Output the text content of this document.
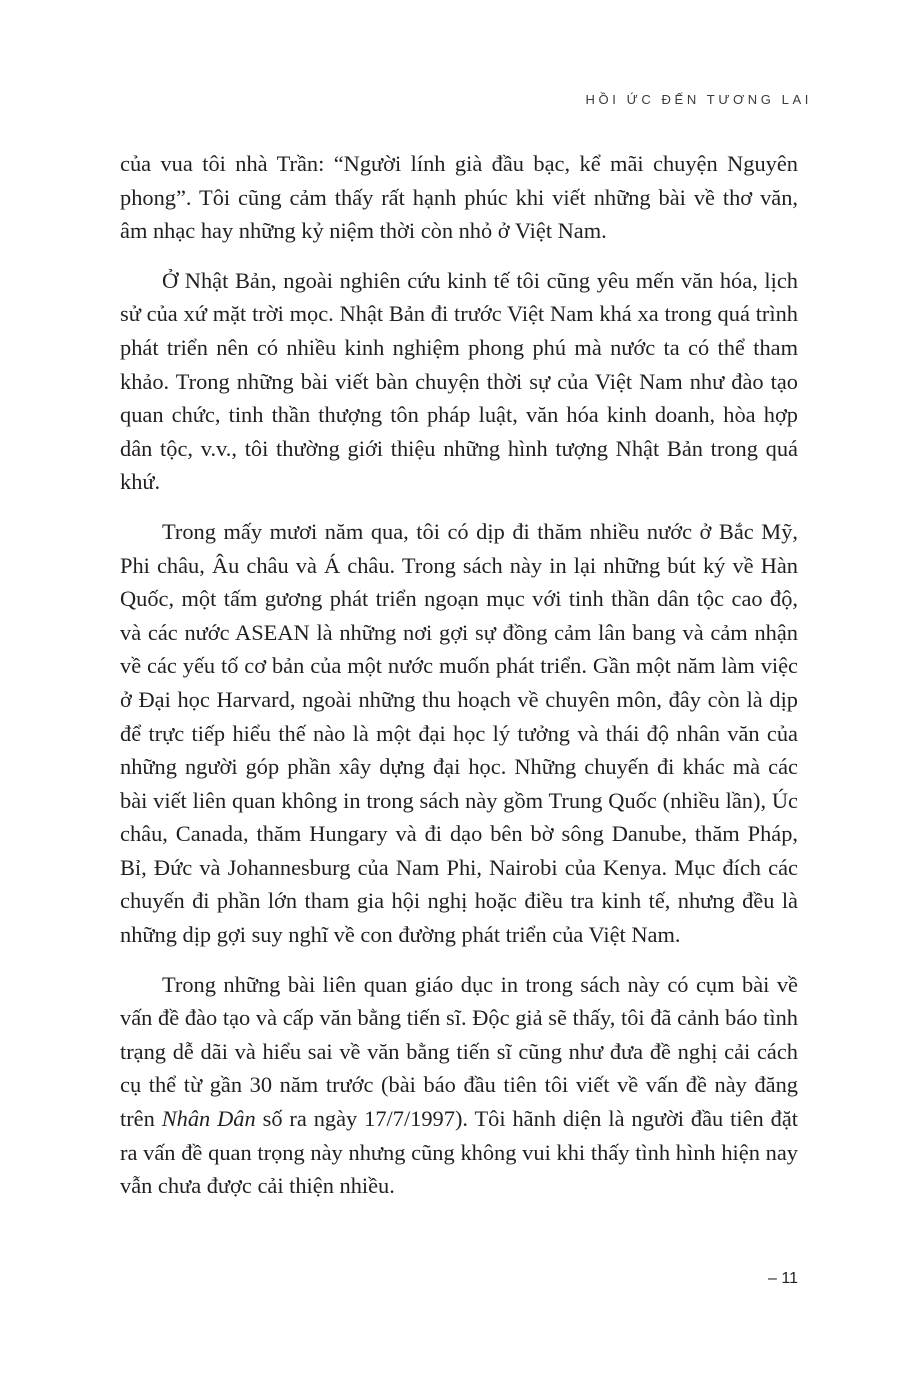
HỒI ỨC ĐẾN TƯƠNG LAI

của vua tôi nhà Trần: “Người lính già đầu bạc, kể mãi chuyện Nguyên phong”. Tôi cũng cảm thấy rất hạnh phúc khi viết những bài về thơ văn, âm nhạc hay những kỷ niệm thời còn nhỏ ở Việt Nam.

Ở Nhật Bản, ngoài nghiên cứu kinh tế tôi cũng yêu mến văn hóa, lịch sử của xứ mặt trời mọc. Nhật Bản đi trước Việt Nam khá xa trong quá trình phát triển nên có nhiều kinh nghiệm phong phú mà nước ta có thể tham khảo. Trong những bài viết bàn chuyện thời sự của Việt Nam như đào tạo quan chức, tinh thần thượng tôn pháp luật, văn hóa kinh doanh, hòa hợp dân tộc, v.v., tôi thường giới thiệu những hình tượng Nhật Bản trong quá khứ.

Trong mấy mươi năm qua, tôi có dịp đi thăm nhiều nước ở Bắc Mỹ, Phi châu, Âu châu và Á châu. Trong sách này in lại những bút ký về Hàn Quốc, một tấm gương phát triển ngoạn mục với tinh thần dân tộc cao độ, và các nước ASEAN là những nơi gợi sự đồng cảm lân bang và cảm nhận về các yếu tố cơ bản của một nước muốn phát triển. Gần một năm làm việc ở Đại học Harvard, ngoài những thu hoạch về chuyên môn, đây còn là dịp để trực tiếp hiểu thế nào là một đại học lý tưởng và thái độ nhân văn của những người góp phần xây dựng đại học. Những chuyến đi khác mà các bài viết liên quan không in trong sách này gồm Trung Quốc (nhiều lần), Úc châu, Canada, thăm Hungary và đi dạo bên bờ sông Danube, thăm Pháp, Bỉ, Đức và Johannesburg của Nam Phi, Nairobi của Kenya. Mục đích các chuyến đi phần lớn tham gia hội nghị hoặc điều tra kinh tế, nhưng đều là những dịp gợi suy nghĩ về con đường phát triển của Việt Nam.

Trong những bài liên quan giáo dục in trong sách này có cụm bài về vấn đề đào tạo và cấp văn bằng tiến sĩ. Độc giả sẽ thấy, tôi đã cảnh báo tình trạng dễ dãi và hiểu sai về văn bằng tiến sĩ cũng như đưa đề nghị cải cách cụ thể từ gần 30 năm trước (bài báo đầu tiên tôi viết về vấn đề này đăng trên Nhân Dân số ra ngày 17/7/1997). Tôi hãnh diện là người đầu tiên đặt ra vấn đề quan trọng này nhưng cũng không vui khi thấy tình hình hiện nay vẫn chưa được cải thiện nhiều.

– 11
